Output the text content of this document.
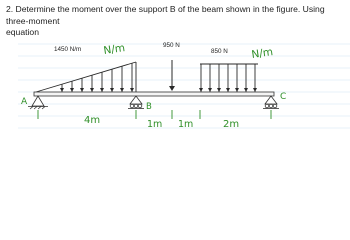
2. Determine the moment over the support B of the beam shown in the figure. Using three-moment
equation
1450 N/m
950 N
850 N
N/m	N/m
A	B
C
4m	1m 1m	2m
